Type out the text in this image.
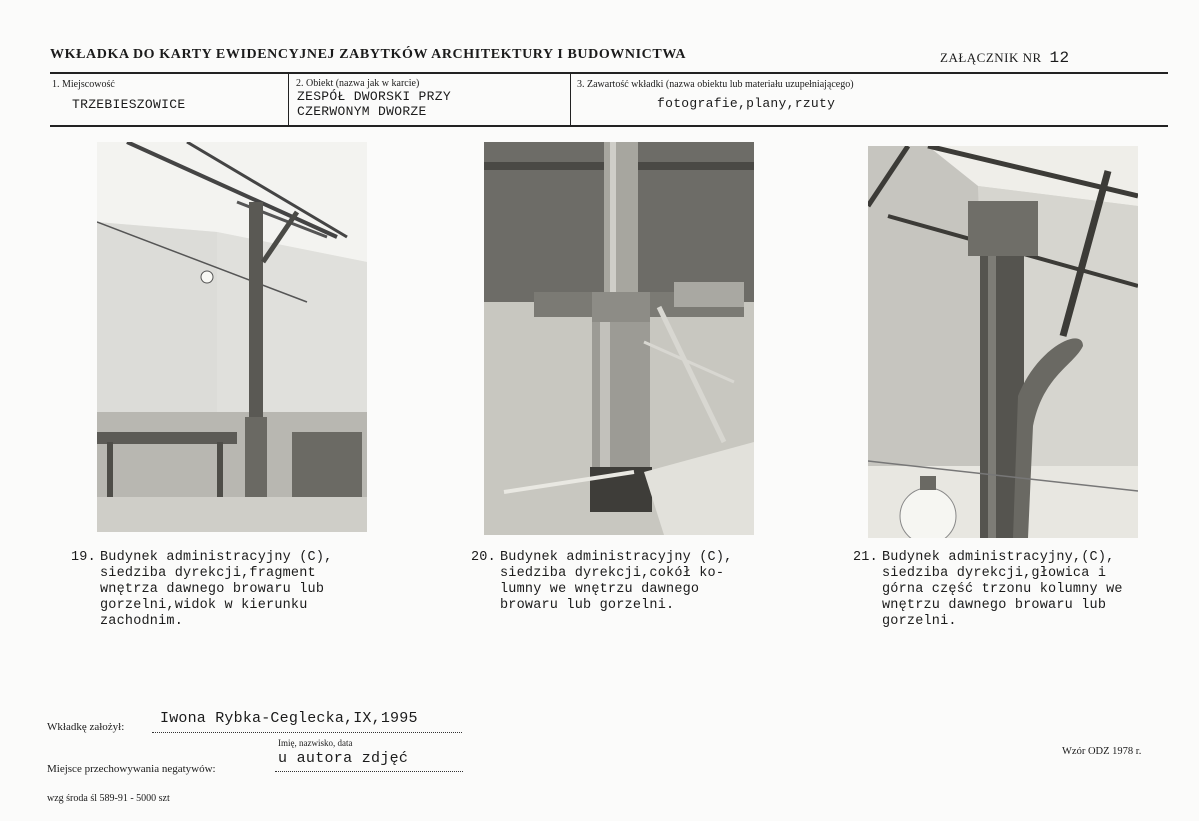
WKŁADKA DO KARTY EWIDENCYJNEJ ZABYTKÓW ARCHITEKTURY I BUDOWNICTWA	ZAŁĄCZNIK NR 12
1. Miejscowość
TRZEBIESZOWICE
2. Obiekt (nazwa jak w karcie)
ZESPÓŁ DWORSKI PRZY
CZERWONYM DWORZE
3. Zawartość wkładki (nazwa obiektu lub materiału uzupełniającego)
fotografie,plany,rzuty
19. Budynek administracyjny (C),
siedziba dyrekcji,fragment
wnętrza dawnego browaru lub
gorzelni,widok w kierunku
zachodnim.
20. Budynek administracyjny (C),
siedziba dyrekcji,cokół ko-
lumny we wnętrzu dawnego
browaru lub gorzelni.
21. Budynek administracyjny,(C),
siedziba dyrekcji,głowica i
górna część trzonu kolumny we
wnętrzu dawnego browaru lub
gorzelni.
Wkładkę założył: Iwona Rybka-Ceglecka,IX,1995
Imię, nazwisko, data
Miejsce przechowywania negatywów:
u autora zdjęć	Wzór ODZ 1978 r.
wzg środa śl 589-91 - 5000 szt
